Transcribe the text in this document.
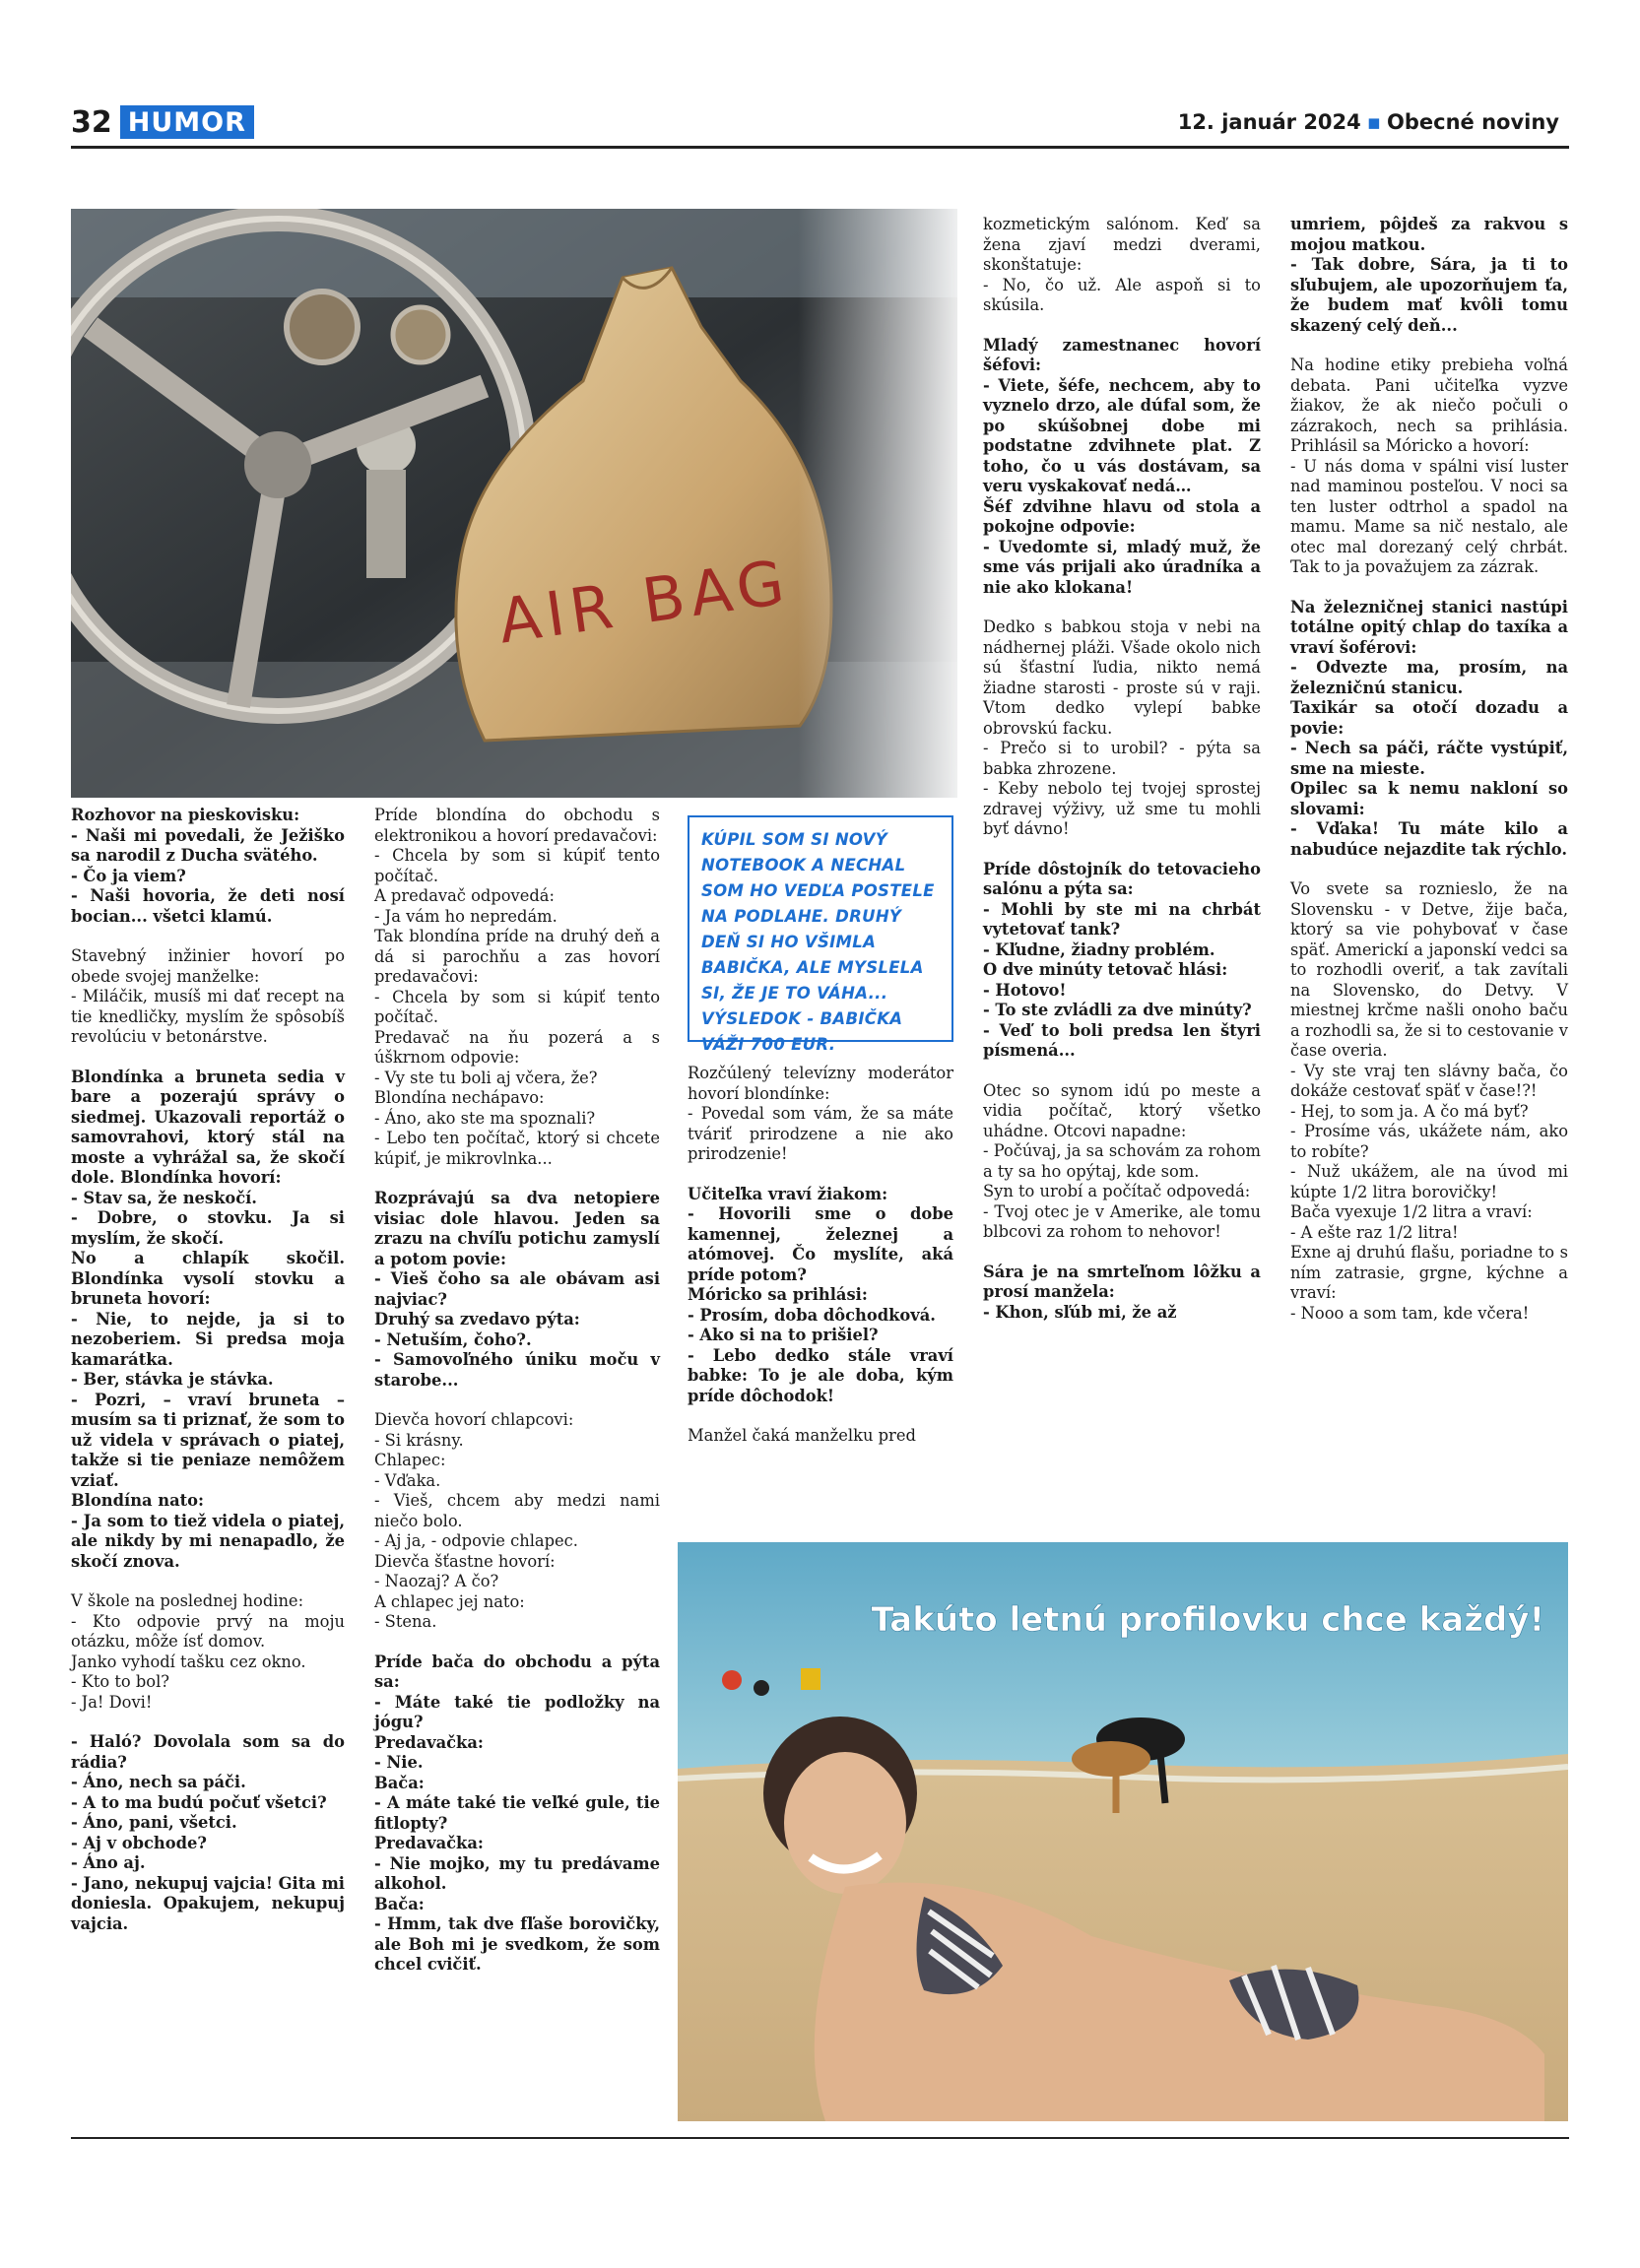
32 HUMOR	12. január 2024 ▪ Obecné noviny

Rozhovor na pieskovisku:
- Naši mi povedali, že Ježiško sa narodil z Ducha svätého.
- Čo ja viem?
- Naši hovoria, že deti nosí bocian... všetci klamú.

Stavebný inžinier hovorí po obede svojej manželke:
- Miláčik, musíš mi dať recept na tie knedličky, myslím že spôsobíš revolúciu v betonárstve.

Blondínka a bruneta sedia v bare a pozerajú správy o siedmej. Ukazovali reportáž o samovrahovi, ktorý stál na moste a vyhrážal sa, že skočí dole. Blondínka hovorí:
- Stav sa, že neskočí.
- Dobre, o stovku. Ja si myslím, že skočí.
No a chlapík skočil. Blondínka vysolí stovku a bruneta hovorí:
- Nie, to nejde, ja si to nezoberiem. Si predsa moja kamarátka.
- Ber, stávka je stávka.
- Pozri, – vraví bruneta – musím sa ti priznať, že som to už videla v správach o piatej, takže si tie peniaze nemôžem vziať.
Blondína nato:
- Ja som to tiež videla o piatej, ale nikdy by mi nenapadlo, že skočí znova.

V škole na poslednej hodine:
- Kto odpovie prvý na moju otázku, môže ísť domov.
Janko vyhodí tašku cez okno.
- Kto to bol?
- Ja! Dovi!

- Haló? Dovolala som sa do rádia?
- Áno, nech sa páči.
- A to ma budú počuť všetci?
- Áno, pani, všetci.
- Aj v obchode?
- Áno aj.
- Jano, nekupuj vajcia! Gita mi doniesla. Opakujem, nekupuj vajcia.

Príde blondína do obchodu s elektronikou a hovorí predavačovi:
- Chcela by som si kúpiť tento počítač.
A predavač odpovedá:
- Ja vám ho nepredám.
Tak blondína príde na druhý deň a dá si parochňu a zas hovorí predavačovi:
- Chcela by som si kúpiť tento počítač.
Predavač na ňu pozerá a s úškrnom odpovie:
- Vy ste tu boli aj včera, že?
Blondína nechápavo:
- Áno, ako ste ma spoznali?
- Lebo ten počítač, ktorý si chcete kúpiť, je mikrovlnka...

Rozprávajú sa dva netopiere visiac dole hlavou. Jeden sa zrazu na chvíľu potichu zamyslí a potom povie:
- Vieš čoho sa ale obávam asi najviac?
Druhý sa zvedavo pýta:
- Netuším, čoho?.
- Samovoľného úniku moču v starobe...

Dievča hovorí chlapcovi:
- Si krásny.
Chlapec:
- Vďaka.
- Vieš, chcem aby medzi nami niečo bolo.
- Aj ja, - odpovie chlapec.
Dievča šťastne hovorí:
- Naozaj? A čo?
A chlapec jej nato:
- Stena.

Príde bača do obchodu a pýta sa:
- Máte také tie podložky na jógu?
Predavačka:
- Nie.
Bača:
- A máte také tie veľké gule, tie fitlopty?
Predavačka:
- Nie mojko, my tu predávame alkohol.
Bača:
- Hmm, tak dve fľaše borovičky, ale Boh mi je svedkom, že som chcel cvičiť.

KÚPIL SOM SI NOVÝ
NOTEBOOK A NECHAL
SOM HO VEDĽA POSTELE
NA PODLAHE. DRUHÝ
DEŇ SI HO VŠIMLA
BABIČKA, ALE MYSLELA
SI, ŽE JE TO VÁHA...
VÝSLEDOK - BABIČKA
VÁŽI 700 EUR.

Rozčúlený televízny moderátor hovorí blondínke:
- Povedal som vám, že sa máte tváriť prirodzene a nie ako prirodzenie!

Učiteľka vraví žiakom:
- Hovorili sme o dobe kamennej, železnej a atómovej. Čo myslíte, aká príde potom?
Móricko sa prihlási:
- Prosím, doba dôchodková.
- Ako si na to prišiel?
- Lebo dedko stále vraví babke: To je ale doba, kým príde dôchodok!

Manžel čaká manželku pred

kozmetickým salónom. Keď sa žena zjaví medzi dverami, skonštatuje:
- No, čo už. Ale aspoň si to skúsila.

Mladý zamestnanec hovorí šéfovi:
- Viete, šéfe, nechcem, aby to vyznelo drzo, ale dúfal som, že po skúšobnej dobe mi podstatne zdvihnete plat. Z toho, čo u vás dostávam, sa veru vyskakovať nedá…
Šéf zdvihne hlavu od stola a pokojne odpovie:
- Uvedomte si, mladý muž, že sme vás prijali ako úradníka a nie ako klokana!

Dedko s babkou stoja v nebi na nádhernej pláži. Všade okolo nich sú šťastní ľudia, nikto nemá žiadne starosti - proste sú v raji. Vtom dedko vylepí babke obrovskú facku.
- Prečo si to urobil? - pýta sa babka zhrozene.
- Keby nebolo tej tvojej sprostej zdravej výživy, už sme tu mohli byť dávno!

Príde dôstojník do tetovacieho salónu a pýta sa:
- Mohli by ste mi na chrbát vytetovať tank?
- Kľudne, žiadny problém.
O dve minúty tetovač hlási:
- Hotovo!
- To ste zvládli za dve minúty?
- Veď to boli predsa len štyri písmená...

Otec so synom idú po meste a vidia počítač, ktorý všetko uhádne. Otcovi napadne:
- Počúvaj, ja sa schovám za rohom a ty sa ho opýtaj, kde som.
Syn to urobí a počítač odpovedá:
- Tvoj otec je v Amerike, ale tomu blbcovi za rohom to nehovor!

Sára je na smrteľnom lôžku a prosí manžela:
- Khon, sľúb mi, že až

umriem, pôjdeš za rakvou s mojou matkou.
- Tak dobre, Sára, ja ti to sľubujem, ale upozorňujem ťa, že budem mať kvôli tomu skazený celý deň...

Na hodine etiky prebieha voľná debata. Pani učiteľka vyzve žiakov, že ak niečo počuli o zázrakoch, nech sa prihlásia. Prihlásil sa Móricko a hovorí:
- U nás doma v spálni visí luster nad maminou posteľou. V noci sa ten luster odtrhol a spadol na mamu. Mame sa nič nestalo, ale otec mal dorezaný celý chrbát. Tak to ja považujem za zázrak.

Na železničnej stanici nastúpi totálne opitý chlap do taxíka a vraví šoférovi:
- Odvezte ma, prosím, na železničnú stanicu.
Taxikár sa otočí dozadu a povie:
- Nech sa páči, ráčte vystúpiť, sme na mieste.
Opilec sa k nemu nakloní so slovami:
- Vďaka! Tu máte kilo a nabudúce nejazdite tak rýchlo.

Vo svete sa roznieslo, že na Slovensku - v Detve, žije bača, ktorý sa vie pohybovať v čase späť. Americkí a japonskí vedci sa to rozhodli overiť, a tak zavítali na Slovensko, do Detvy. V miestnej krčme našli onoho baču a rozhodli sa, že si to cestovanie v čase overia.
- Vy ste vraj ten slávny bača, čo dokáže cestovať späť v čase!?!
- Hej, to som ja. A čo má byť?
- Prosíme vás, ukážete nám, ako to robíte?
- Nuž ukážem, ale na úvod mi kúpte 1/2 litra borovičky!
Bača vyexuje 1/2 litra a vraví:
- A ešte raz 1/2 litra!
Exne aj druhú flašu, poriadne to s ním zatrasie, grgne, kýchne a vraví:
- Nooo a som tam, kde včera!

Takúto letnú profilovku chce každý!
